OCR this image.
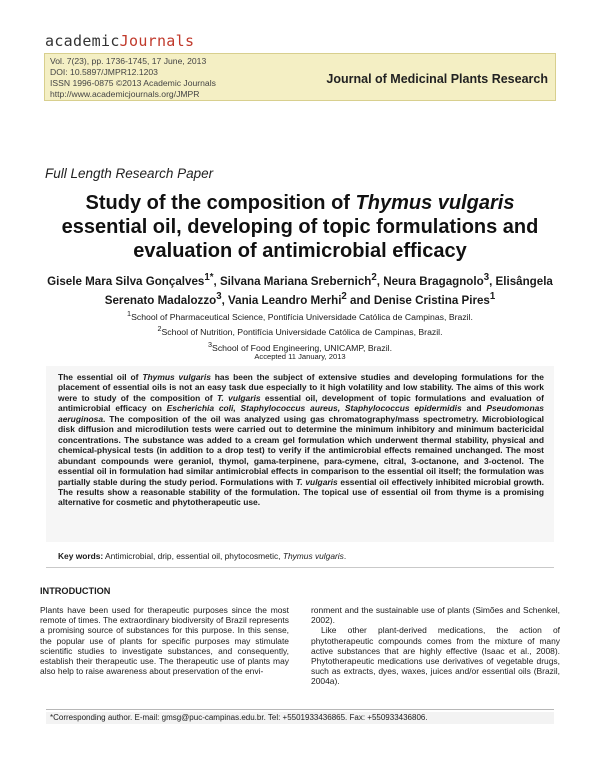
academicJournals
Vol. 7(23), pp. 1736-1745, 17 June, 2013
DOI: 10.5897/JMPR12.1203
ISSN 1996-0875 ©2013 Academic Journals
http://www.academicjournals.org/JMPR
Journal of Medicinal Plants Research
Full Length Research Paper
Study of the composition of Thymus vulgaris essential oil, developing of topic formulations and evaluation of antimicrobial efficacy
Gisele Mara Silva Gonçalves$^{1*}$, Silvana Mariana Srebernich$^2$, Neura Bragagnolo$^3$, Elisângela Serenato Madalozzo$^3$, Vania Leandro Merhi$^2$ and Denise Cristina Pires$^1$
$^1$School of Pharmaceutical Science, Pontifícia Universidade Católica de Campinas, Brazil.
$^2$School of Nutrition, Pontifícia Universidade Católica de Campinas, Brazil.
$^3$School of Food Engineering, UNICAMP, Brazil.
Accepted 11 January, 2013
The essential oil of Thymus vulgaris has been the subject of extensive studies and developing formulations for the placement of essential oils is not an easy task due especially to it high volatility and low stability. The aims of this work were to study of the composition of T. vulgaris essential oil, development of topic formulations and evaluation of antimicrobial efficacy on Escherichia coli, Staphylococcus aureus, Staphylococcus epidermidis and Pseudomonas aeruginosa. The composition of the oil was analyzed using gas chromatography/mass spectrometry. Microbiological disk diffusion and microdilution tests were carried out to determine the minimum inhibitory and minimum bactericidal concentrations. The substance was added to a cream gel formulation which underwent thermal stability, physical and chemical-physical tests (in addition to a drop test) to verify if the antimicrobial effects remained unchanged. The most abundant compounds were geraniol, thymol, gama-terpinene, para-cymene, citral, 3-octanone, and 3-octenol. The essential oil in formulation had similar antimicrobial effects in comparison to the essential oil itself; the formulation was partially stable during the study period. Formulations with T. vulgaris essential oil effectively inhibited microbial growth. The results show a reasonable stability of the formulation. The topical use of essential oil from thyme is a promising alternative for cosmetic and phytotherapeutic use.
Key words: Antimicrobial, drip, essential oil, phytocosmetic, Thymus vulgaris.
INTRODUCTION

Plants have been used for therapeutic purposes since the most remote of times. The extraordinary biodiversity of Brazil represents a promising source of substances for this purpose. In this sense, the popular use of plants for specific purposes may stimulate scientific studies to investigate substances, and consequently, establish their therapeutic use. The therapeutic use of plants may also help to raise awareness about preservation of the envi-

ronment and the sustainable use of plants (Simões and Schenkel, 2002).

Like other plant-derived medications, the action of phytotherapeutic compounds comes from the mixture of many active substances that are highly effective (Isaac et al., 2008). Phytotherapeutic medications use derivatives of vegetable drugs, such as extracts, dyes, waxes, juices and/or essential oils (Brazil, 2004a).

*Corresponding author. E-mail: gmsg@puc-campinas.edu.br. Tel: +5501933436865. Fax: +550933436806.
